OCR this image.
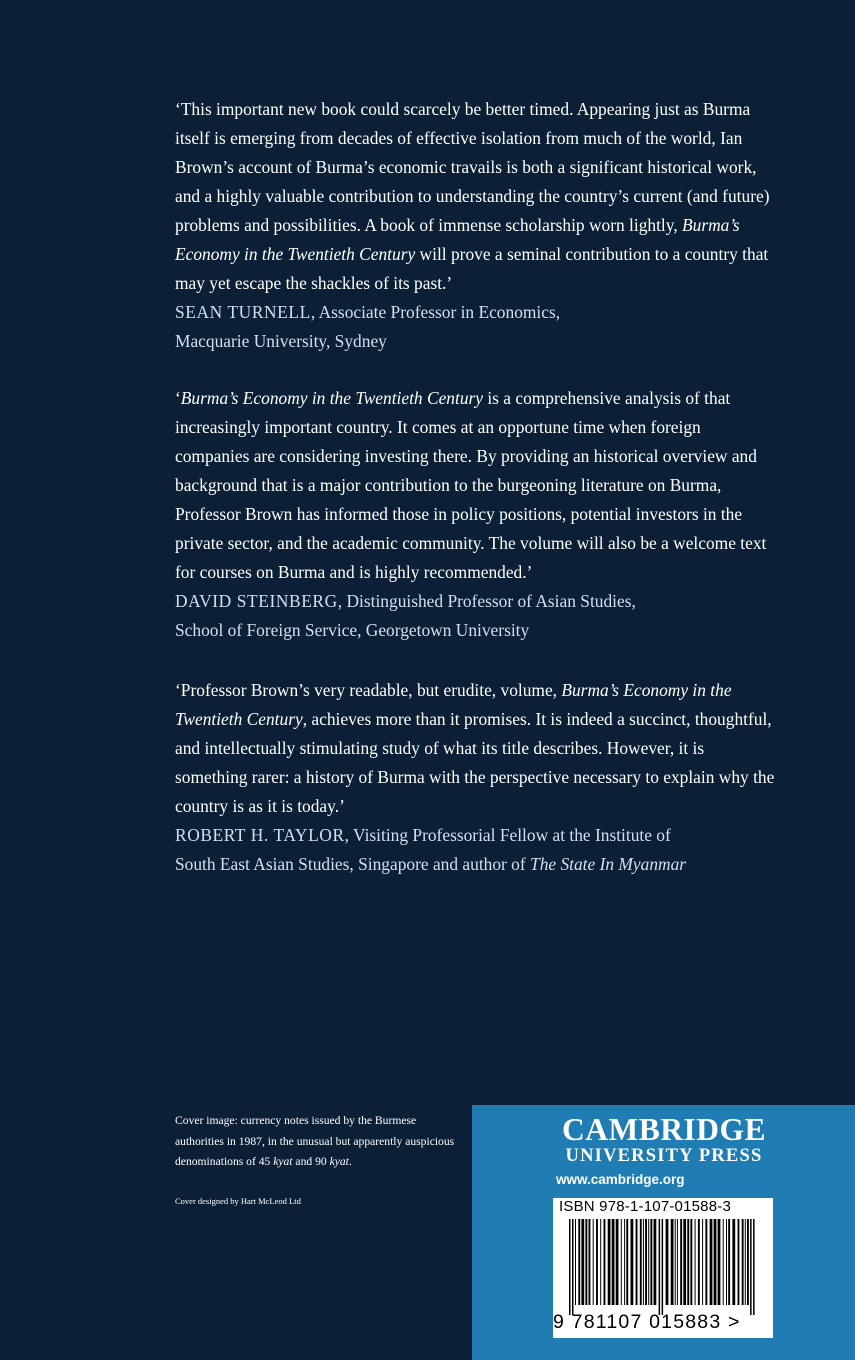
‘This important new book could scarcely be better timed. Appearing just as Burma itself is emerging from decades of effective isolation from much of the world, Ian Brown’s account of Burma’s economic travails is both a significant historical work, and a highly valuable contribution to understanding the country’s current (and future) problems and possibilities. A book of immense scholarship worn lightly, Burma’s Economy in the Twentieth Century will prove a seminal contribution to a country that may yet escape the shackles of its past.’

SEAN TURNELL, Associate Professor in Economics,
Macquarie University, Sydney

‘Burma’s Economy in the Twentieth Century is a comprehensive analysis of that increasingly important country. It comes at an opportune time when foreign companies are considering investing there. By providing an historical overview and background that is a major contribution to the burgeoning literature on Burma, Professor Brown has informed those in policy positions, potential investors in the private sector, and the academic community. The volume will also be a welcome text for courses on Burma and is highly recommended.’

DAVID STEINBERG, Distinguished Professor of Asian Studies,
School of Foreign Service, Georgetown University

‘Professor Brown’s very readable, but erudite, volume, Burma’s Economy in the Twentieth Century, achieves more than it promises. It is indeed a succinct, thoughtful, and intellectually stimulating study of what its title describes. However, it is something rarer: a history of Burma with the perspective necessary to explain why the country is as it is today.’

ROBERT H. TAYLOR, Visiting Professorial Fellow at the Institute of
South East Asian Studies, Singapore and author of The State In Myanmar

Cover image: currency notes issued by the Burmese authorities in 1987, in the unusual but apparently auspicious denominations of 45 kyat and 90 kyat.
Cover designed by Hart McLeod Ltd
CAMBRIDGE
UNIVERSITY PRESS
www.cambridge.org
ISBN 978-1-107-01588-3
9 781107 015883 >
